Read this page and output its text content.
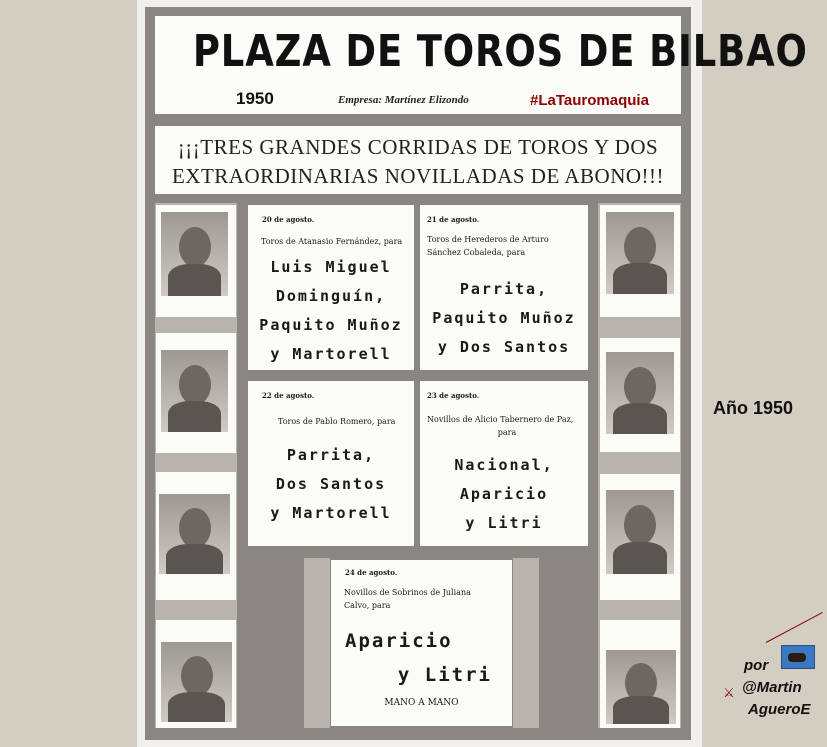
PLAZA DE TOROS DE BILBAO
1950	Empresa: Martínez Elizondo	#LaTauromaquia
¡¡¡TRES GRANDES CORRIDAS DE TOROS Y DOS
EXTRAORDINARIAS NOVILLADAS DE ABONO!!!
20 de agosto.
Toros de Atanasio Fernández, para
Luis Miguel
Dominguín,
Paquito Muñoz
y Martorell
21 de agosto.
Toros de Herederos de Arturo
Sánchez Cobaleda, para
Parrita,
Paquito Muñoz
y Dos Santos
22 de agosto.
Toros de Pablo Romero, para
Parrita,
Dos Santos
y Martorell
23 de agosto.
Novillos de Alicio Tabernero de Paz,
para
Nacional,
Aparicio
y Litri
24 de agosto.
Novillos de Sobrinos de Juliana
Calvo, para
Aparicio
y Litri
MANO A MANO
Año 1950
⚔
por
@Martin
AgueroE
